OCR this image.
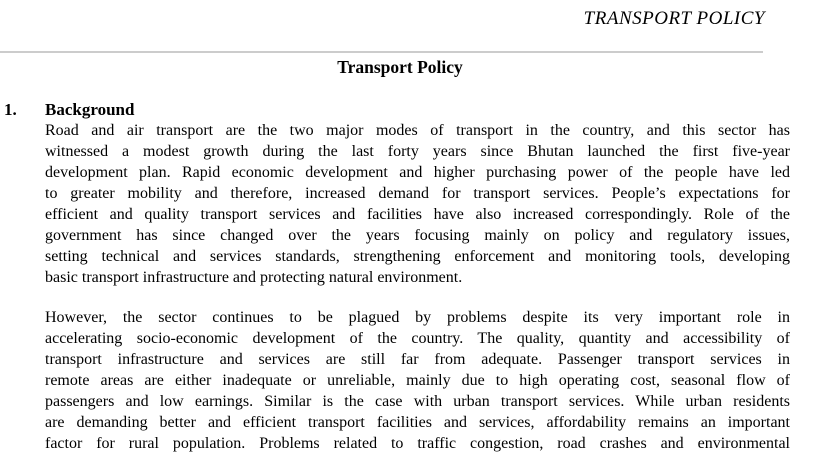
TRANSPORT POLICY
Transport Policy
1.	Background
Road and air transport are the two major modes of transport in the country, and this sector has
witnessed a modest growth during the last forty years since Bhutan launched the first five-year
development plan. Rapid economic development and higher purchasing power of the people have led
to greater mobility and therefore, increased demand for transport services. People’s expectations for
efficient and quality transport services and facilities have also increased correspondingly. Role of the
government has since changed over the years focusing mainly on policy and regulatory issues,
setting technical and services standards, strengthening enforcement and monitoring tools, developing
basic transport infrastructure and protecting natural environment.
However, the sector continues to be plagued by problems despite its very important role in
accelerating socio-economic development of the country. The quality, quantity and accessibility of
transport infrastructure and services are still far from adequate. Passenger transport services in
remote areas are either inadequate or unreliable, mainly due to high operating cost, seasonal flow of
passengers and low earnings. Similar is the case with urban transport services. While urban residents
are demanding better and efficient transport facilities and services, affordability remains an important
factor for rural population. Problems related to traffic congestion, road crashes and environmental
